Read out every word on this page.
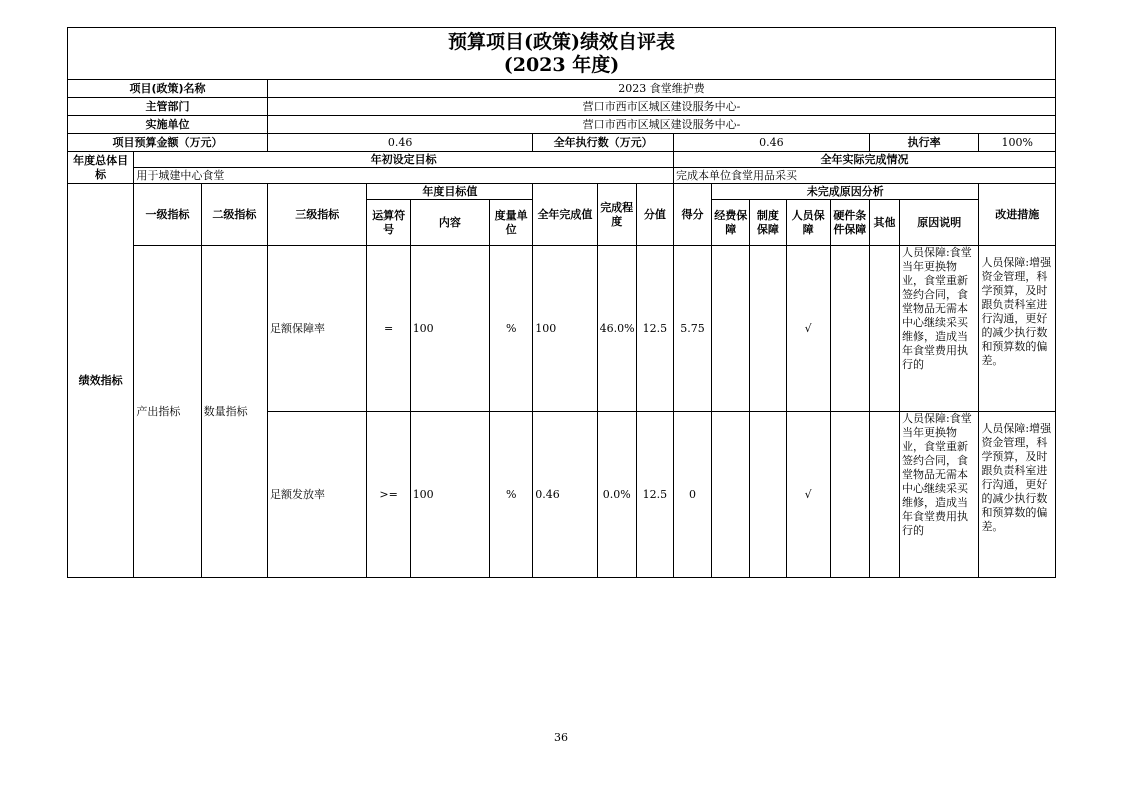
预算项目(政策)绩效自评表
(2023 年度)
项目(政策)名称			2023 食堂维护费														
主管部门			营口市西市区城区建设服务中心-														
实施单位			营口市西市区城区建设服务中心-														
项目预算金额（万元）			0.46				全年执行数（万元）			0.46					执行率		100%
年度总体目标	年初设定目标									全年实际完成情况							
	用于城建中心食堂									完成本单位食堂用品采买							
绩效指标	一级指标	二级指标	三级指标	年度目标值			全年完成值	完成程度	分值	得分	未完成原因分析						改进措施
				运算符号	内容	度量单位					经费保障	制度保障	人员保障	硬件条件保障	其他	原因说明	
	产出指标	数量指标	足额保障率	=	100	%	100	46.0%	12.5	5.75			√			人员保障:食堂当年更换物业，食堂重新签约合同，食堂物品无需本中心继续采买维修，造成当年食堂费用执行的	人员保障:增强资金管理，科学预算，及时跟负责科室进行沟通，更好的减少执行数和预算数的偏差。
			足额发放率	>=	100	%	0.46	0.0%	12.5	0			√			人员保障:食堂当年更换物业，食堂重新签约合同，食堂物品无需本中心继续采买维修，造成当年食堂费用执行的	人员保障:增强资金管理，科学预算，及时跟负责科室进行沟通，更好的减少执行数和预算数的偏差。
36
